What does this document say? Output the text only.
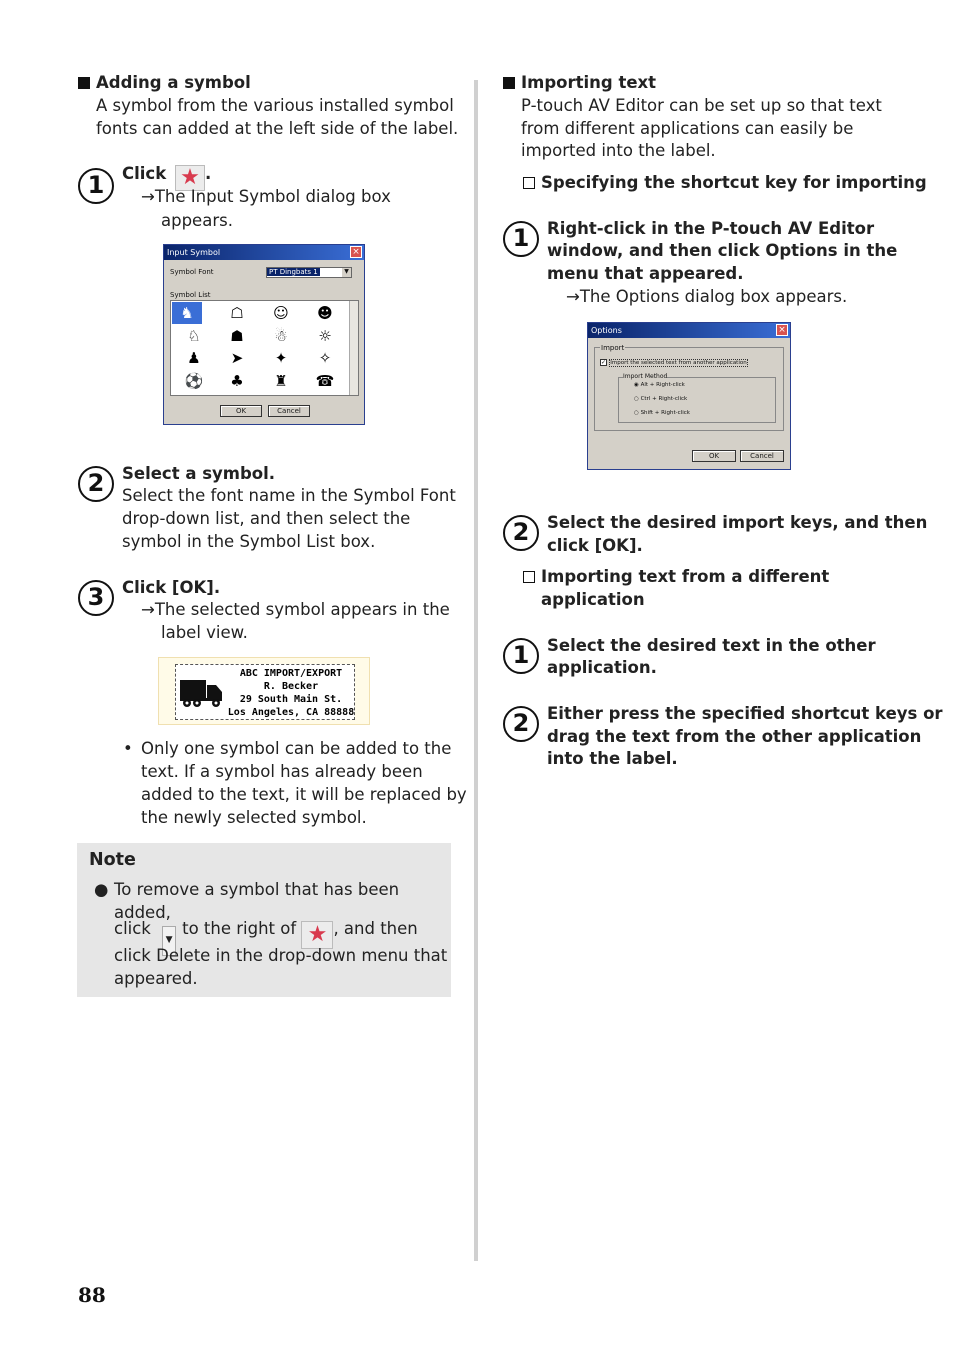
Adding a symbol
A symbol from the various installed symbol
fonts can added at the left side of the label.
1	Click ★ .
→The Input Symbol dialog box
appears.
Input Symbol	×
Symbol Font	PT Dingbats 1	▼
Symbol List
♞	☖	☺	☻
♘	☗	☃	☼
♟	➤	✦	✧
⚽	♣	♜	☎
OK	Cancel
2	Select a symbol.
Select the font name in the Symbol Font
drop-down list, and then select the
symbol in the Symbol List box.
3	Click [OK].
→The selected symbol appears in the
label view.
ABC IMPORT/EXPORT
R. Becker
29 South Main St.
Los Angeles, CA 88888
• Only one symbol can be added to the
text. If a symbol has already been
added to the text, it will be replaced by
the newly selected symbol.
Note
● To remove a symbol that has been added,
click ▼to the right of ★ , and then
click Delete in the drop-down menu that
appeared.
Importing text
P-touch AV Editor can be set up so that text
from different applications can easily be
imported into the label.
Specifying the shortcut key for importing
1	Right-click in the P-touch AV Editor
window, and then click Options in the
menu that appeared.
→The Options dialog box appears.
Options	×
Import
✓ Import the selected text from another application
Import Method
◉ Alt + Right-click
○ Ctrl + Right-click
○ Shift + Right-click
OK	Cancel
2	Select the desired import keys, and then
click [OK].
Importing text from a different
application
1	Select the desired text in the other
application.
2	Either press the specified shortcut keys or
drag the text from the other application
into the label.
88
